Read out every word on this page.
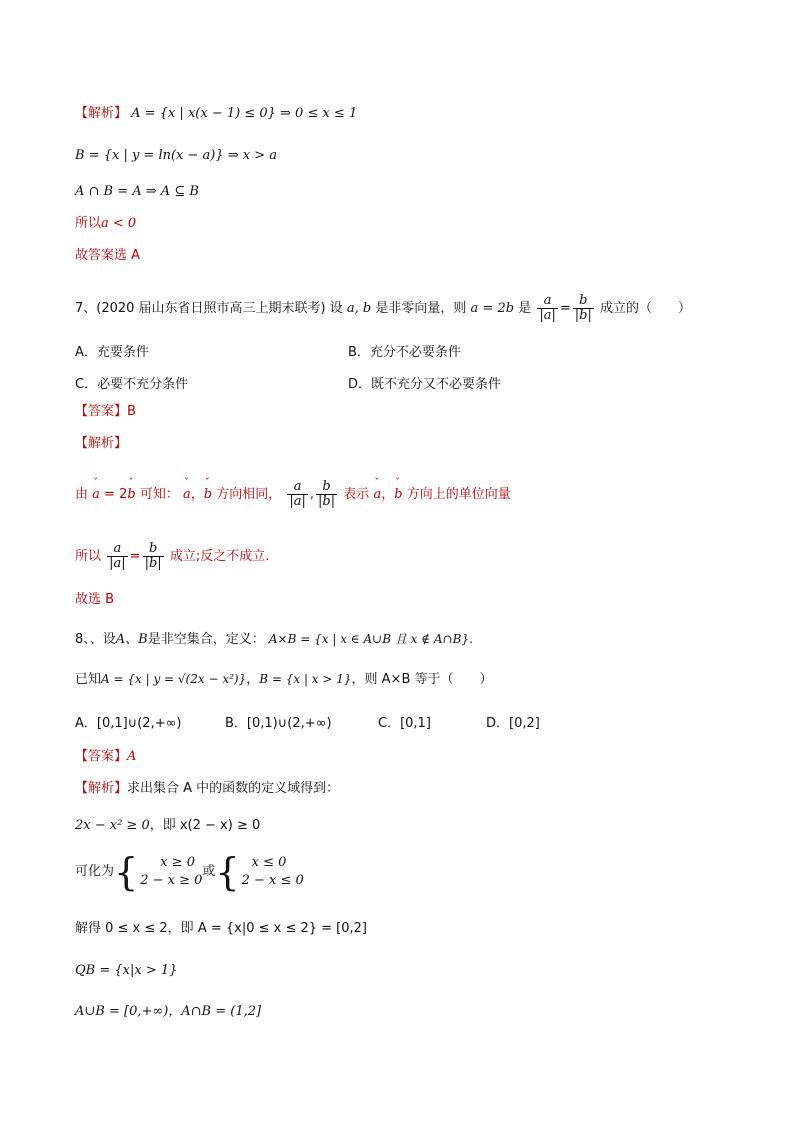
【解析】 A = {x | x(x − 1) ≤ 0} ⇒ 0 ≤ x ≤ 1
B = {x | y = ln(x − a)} ⇒ x > a
A ∩ B = A ⇒ A ⊆ B
所以a < 0
故答案选 A
7、(2020 届山东省日照市高三上期末联考) 设 a, b 是非零向量，则 a = 2b 是 $\frac{a}{|a|} = \frac{b}{|b|}$ 成立的（　　）
A．充要条件	B．充分不必要条件
C．必要不充分条件	D．既不充分又不必要条件
【答案】B
【解析】
由 ˇ a = 2ˇ b 可知： ˇ a，ˇ b 方向相同， $\frac{a}{|a|}$ , $\frac{b}{|b|}$ 表示 ˇ a，ˇ b 方向上的单位向量
所以 $\frac{a}{|a|} = \frac{b}{|b|}$ 成立;反之不成立.
故选 B
8、、设A、B是非空集合，定义： A×B = {x | x ∈ A∪B 且 x ∉ A∩B}.
已知A = {x | y = √(2x − x²)}，B = {x | x > 1}，则 A×B 等于（　　）
A．[0,1]∪(2,+∞)	B．[0,1)∪(2,+∞)	C．[0,1]	D．[0,2]
【答案】A
【解析】求出集合 A 中的函数的定义域得到：
2x − x² ≥ 0，即 x(2 − x) ≥ 0
可化为{	x ≥ 0
2 − x ≥ 0
或{ x ≤ 0
2 − x ≤ 0
解得 0 ≤ x ≤ 2，即 A = {x|0 ≤ x ≤ 2} = [0,2]
QB = {x|x > 1}
A∪B = [0,+∞)，A∩B = (1,2]
